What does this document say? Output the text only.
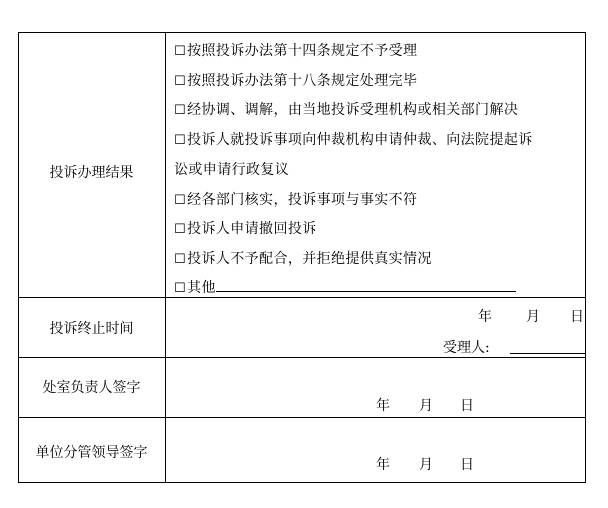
投诉办理结果
☐按照投诉办法第十四条规定不予受理
☐按照投诉办法第十八条规定处理完毕
☐经协调、调解，由当地投诉受理机构或相关部门解决
☐投诉人就投诉事项向仲裁机构申请仲裁、向法院提起诉
讼或申请行政复议
☐经各部门核实，投诉事项与事实不符
☐投诉人申请撤回投诉
☐投诉人不予配合，并拒绝提供真实情况
☐其他
投诉终止时间
年 月 日
受理人:
处室负责人签字
年 月 日
单位分管领导签字
年 月 日
